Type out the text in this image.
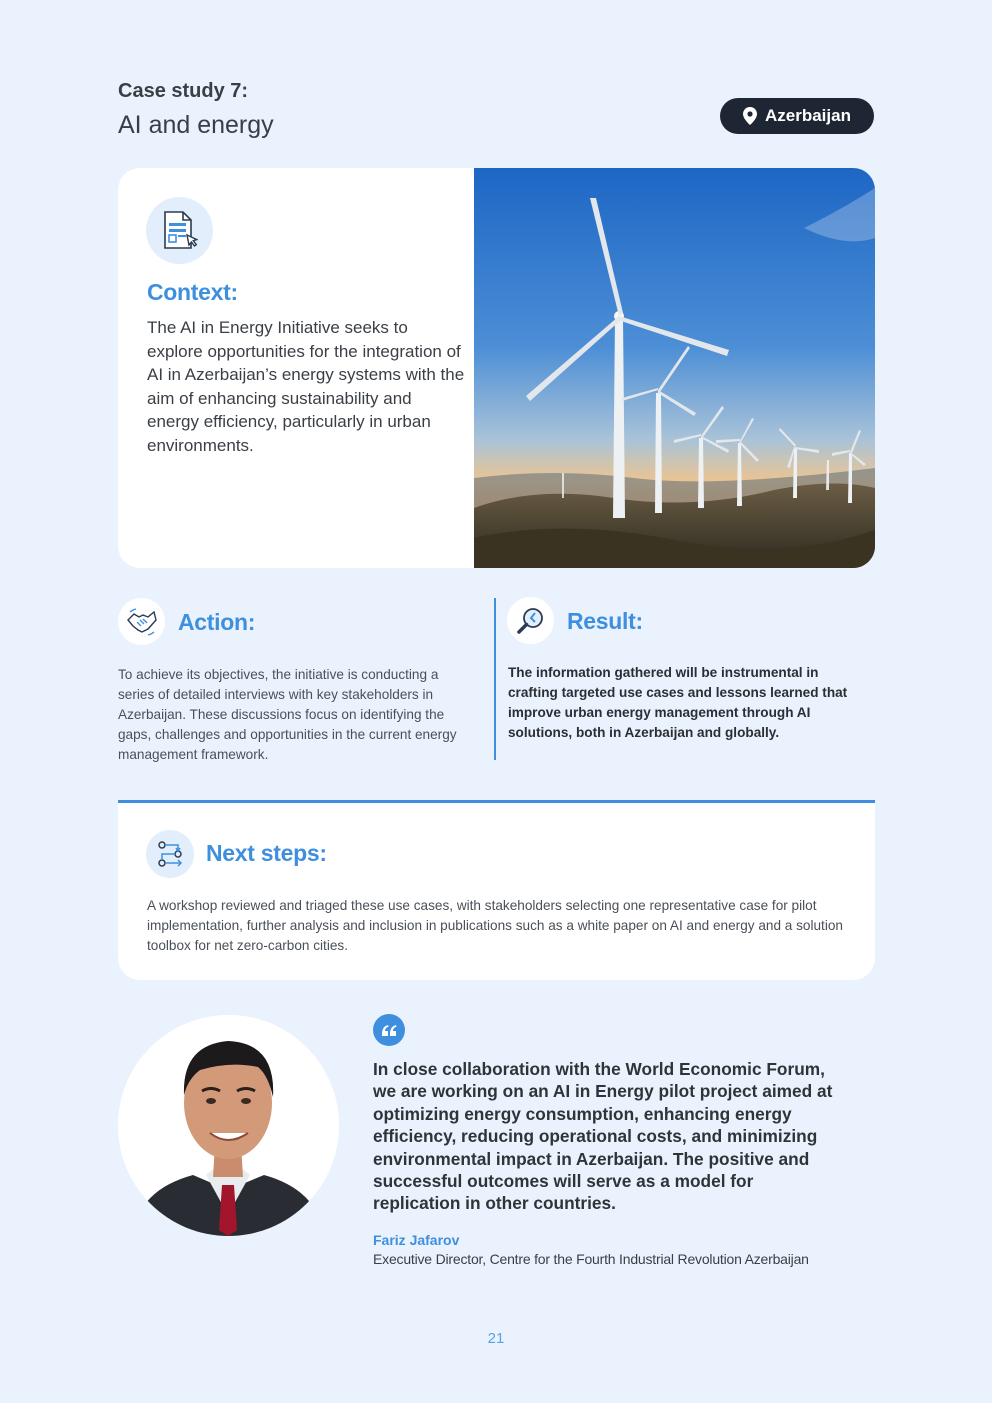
Case study 7:
AI and energy	Azerbaijan
Context:
The AI in Energy Initiative seeks to explore opportunities for the integration of AI in Azerbaijan’s energy systems with the aim of enhancing sustainability and energy efficiency, particularly in urban environments.
Action:
To achieve its objectives, the initiative is conducting a series of detailed interviews with key stakeholders in Azerbaijan. These discussions focus on identifying the gaps, challenges and opportunities in the current energy management framework.
Result:
The information gathered will be instrumental in crafting targeted use cases and lessons learned that improve urban energy management through AI solutions, both in Azerbaijan and globally.
Next steps:
A workshop reviewed and triaged these use cases, with stakeholders selecting one representative case for pilot implementation, further analysis and inclusion in publications such as a white paper on AI and energy and a solution toolbox for net zero-carbon cities.
In close collaboration with the World Economic Forum, we are working on an AI in Energy pilot project aimed at optimizing energy consumption, enhancing energy efficiency, reducing operational costs, and minimizing environmental impact in Azerbaijan. The positive and successful outcomes will serve as a model for replication in other countries.
Fariz Jafarov
Executive Director, Centre for the Fourth Industrial Revolution Azerbaijan
21
